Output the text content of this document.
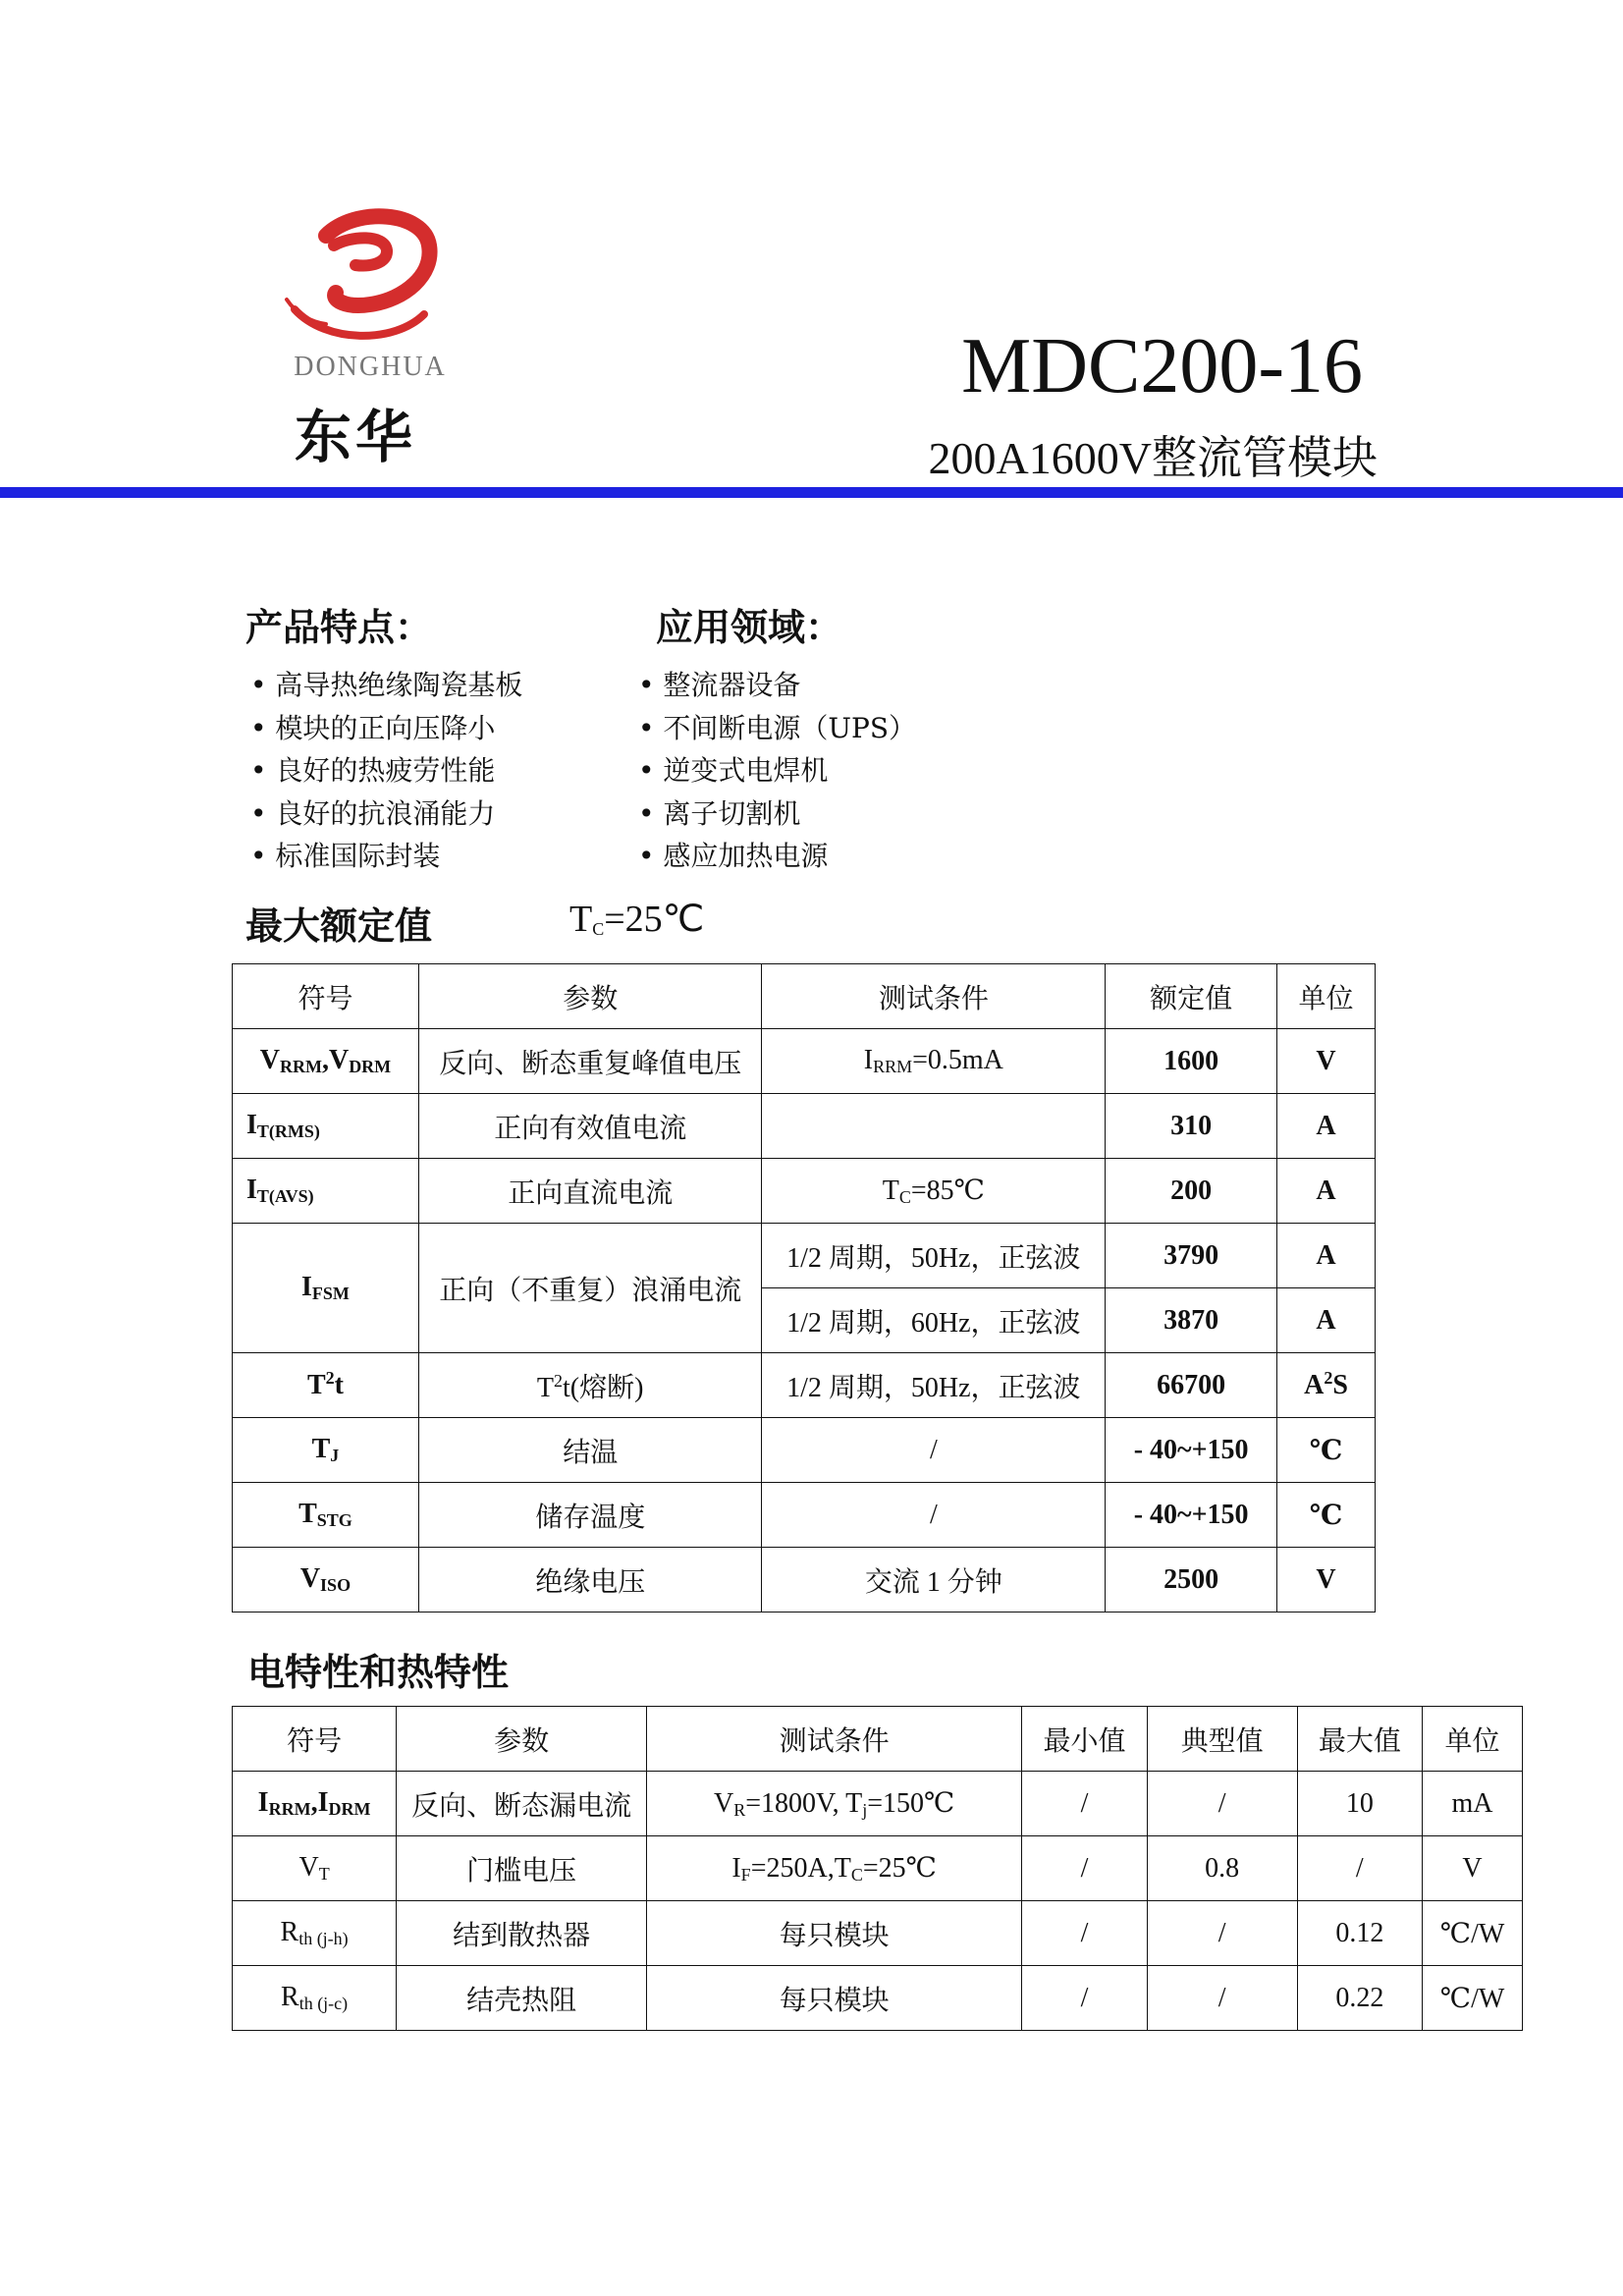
DONGHUA
东华
MDC200-16
200A1600V整流管模块
产品特点：	应用领域：
• 高导热绝缘陶瓷基板
• 模块的正向压降小
• 良好的热疲劳性能
• 良好的抗浪涌能力
• 标准国际封装
• 整流器设备
• 不间断电源（UPS）
• 逆变式电焊机
• 离子切割机
• 感应加热电源
最大额定值	$T_C=25℃$
符号	参数	测试条件	额定值	单位
$V_{RRM},V_{DRM}$	反向、断态重复峰值电压	$I_{RRM}=0.5mA$	1600	V
$I_{T(RMS)}$	正向有效值电流		310	A
$I_{T(AVS)}$	正向直流电流	$T_C=85℃$	200	A
$I_{FSM}$	正向（不重复）浪涌电流	1/2 周期，50Hz，正弦波	3790	A
		1/2 周期，60Hz，正弦波	3870	A
$T^2t$	$T^2t$(熔断)	1/2 周期，50Hz，正弦波	66700	$A^2S$
$T_J$	结温	/	- 40~+150	℃
$T_{STG}$	储存温度	/	- 40~+150	℃
$V_{ISO}$	绝缘电压	交流 1 分钟	2500	V
电特性和热特性
符号	参数	测试条件	最小值	典型值	最大值	单位
$I_{RRM},I_{DRM}$	反向、断态漏电流	$V_R=1800V$, $T_j=150℃$	/	/	10	mA
$V_T$	门槛电压	$I_F=250A,T_C=25℃$	/	0.8	/	V
$R_{th (j-h)}$	结到散热器	每只模块	/	/	0.12	℃/W
$R_{th (j-c)}$	结壳热阻	每只模块	/	/	0.22	℃/W
